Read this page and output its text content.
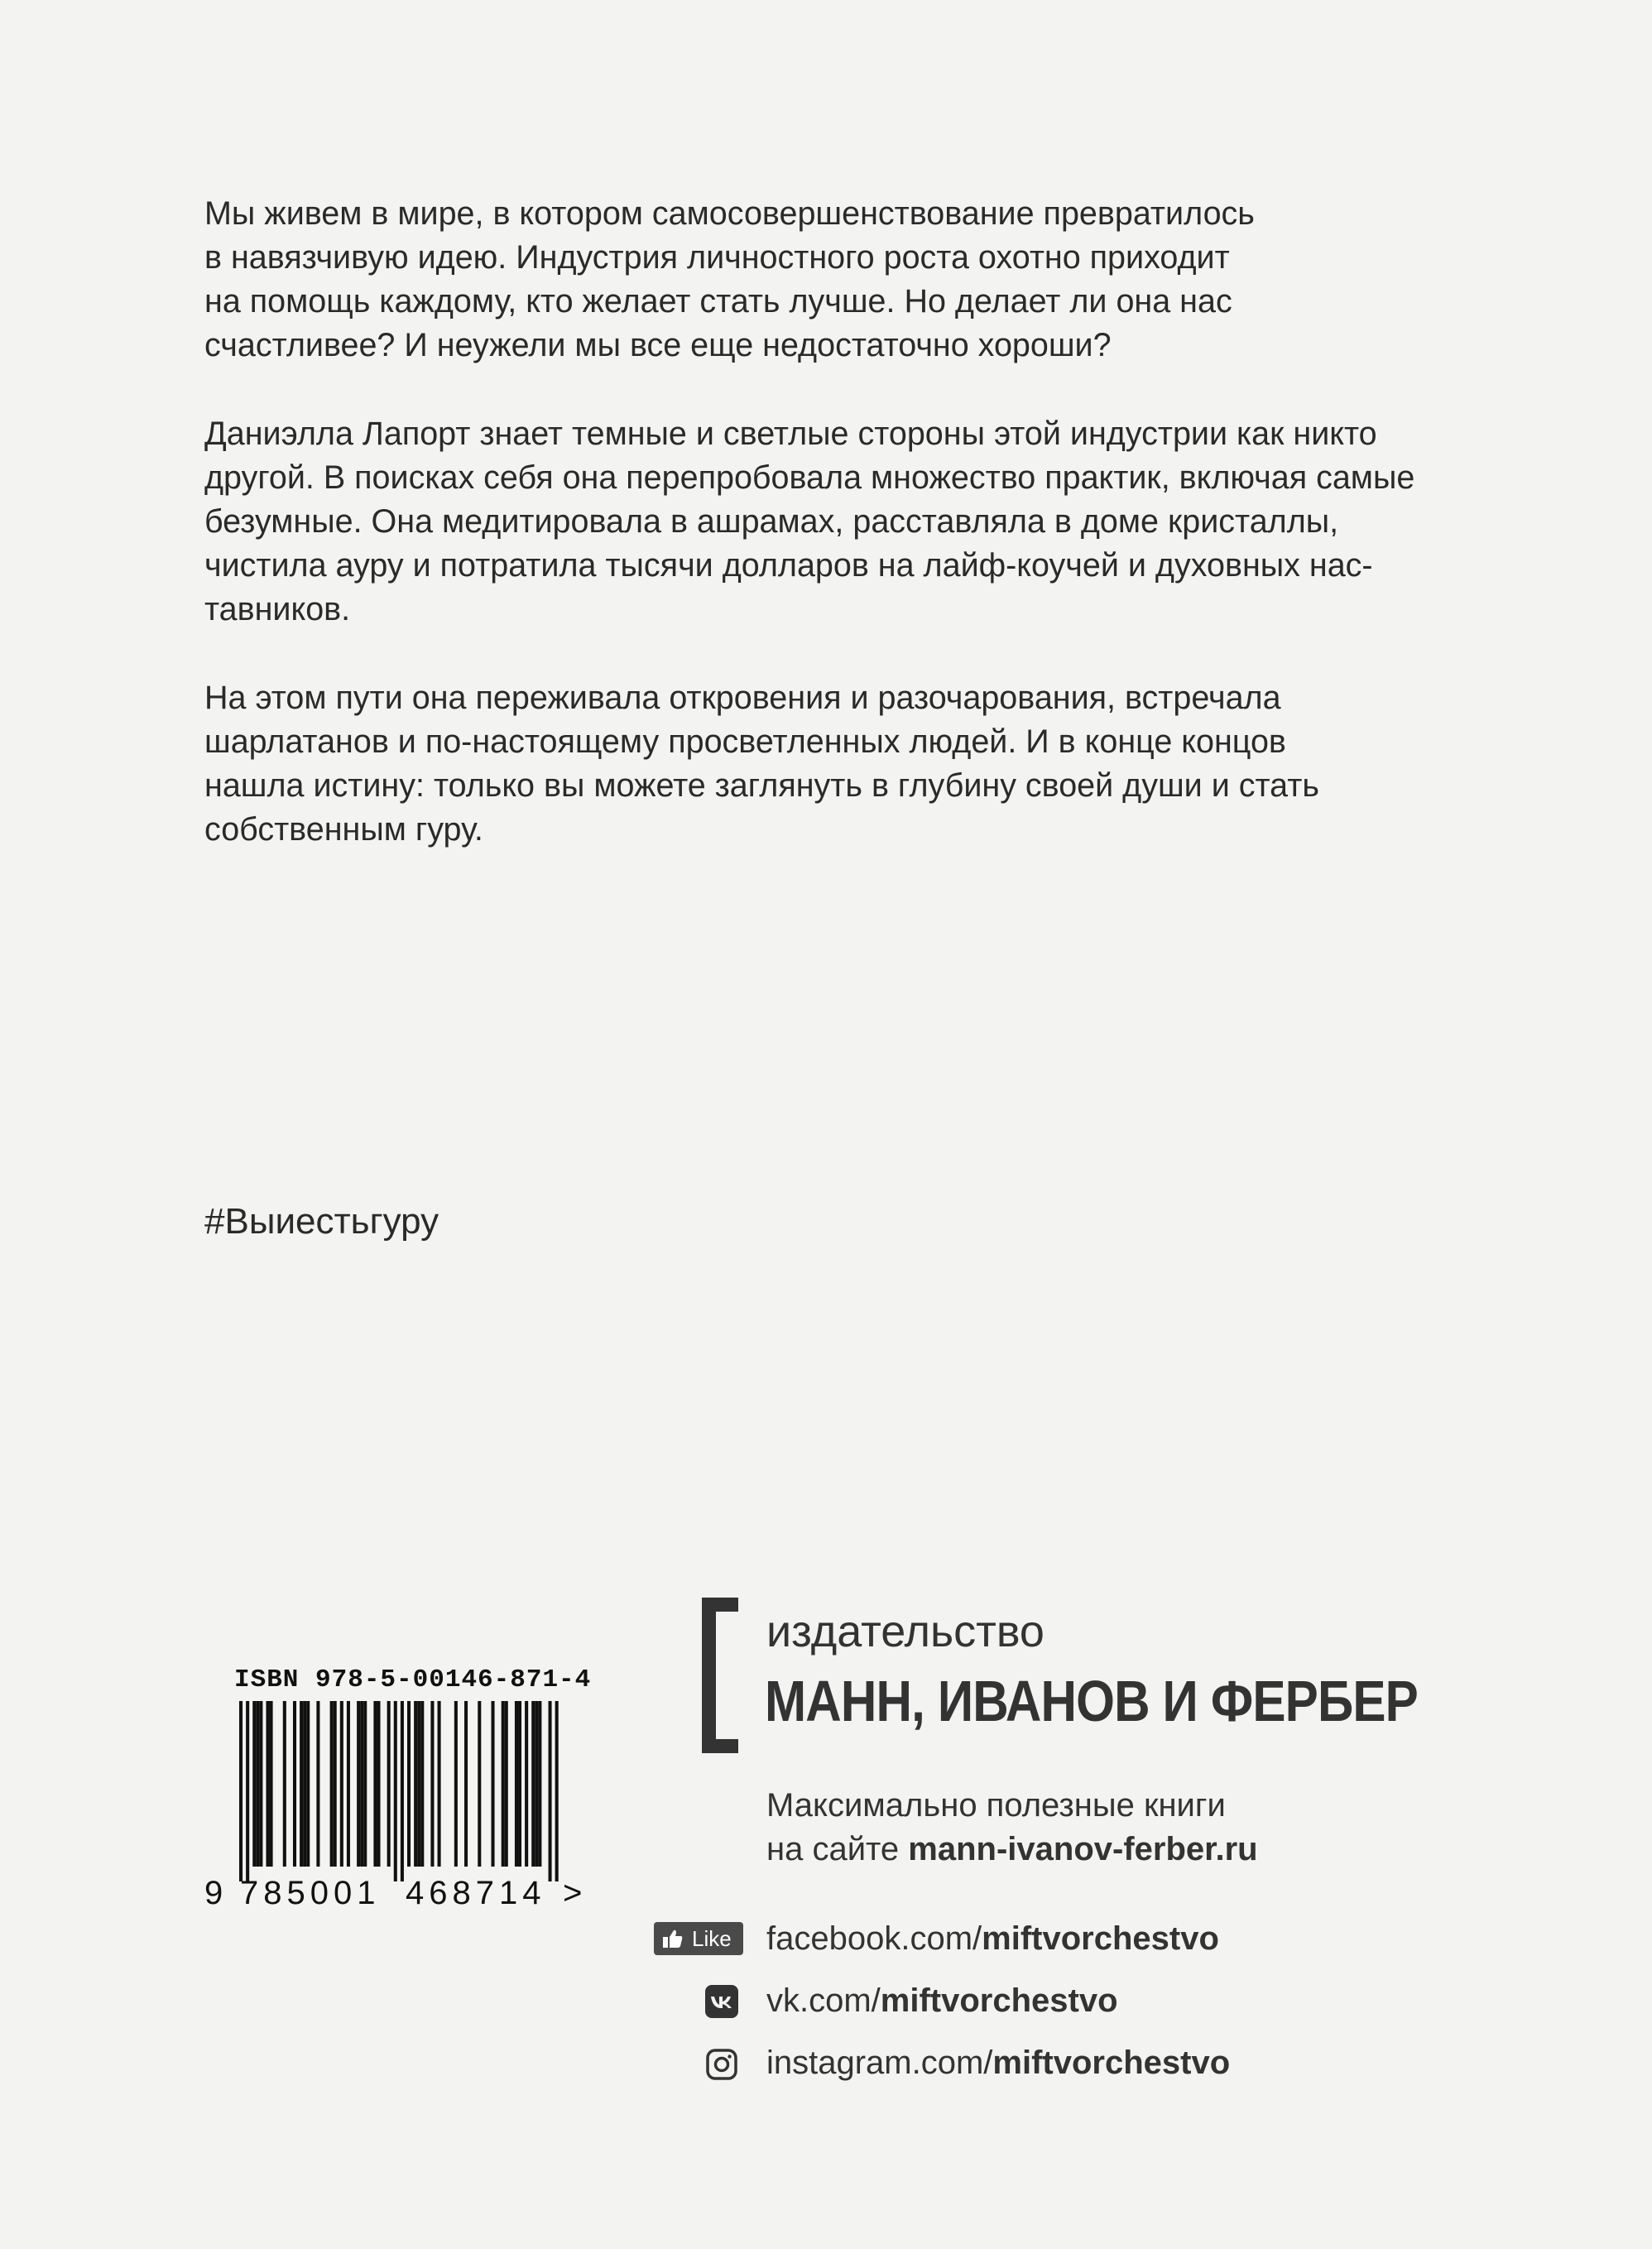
Мы живем в мире, в котором самосовершенствование превратилось
в навязчивую идею. Индустрия личностного роста охотно приходит
на помощь каждому, кто желает стать лучше. Но делает ли она нас
счастливее? И неужели мы все еще недостаточно хороши?

Даниэлла Лапорт знает темные и светлые стороны этой индустрии как никто
другой. В поисках себя она перепробовала множество практик, включая самые
безумные. Она медитировала в ашрамах, расставляла в доме кристаллы,
чистила ауру и потратила тысячи долларов на лайф-коучей и духовных нас-
тавников.

На этом пути она переживала откровения и разочарования, встречала
шарлатанов и по-настоящему просветленных людей. И в конце концов
нашла истину: только вы можете заглянуть в глубину своей души и стать
собственным гуру.

#Выиестьгуру
ISBN 978-5-00146-871-4
9 785001 468714 >
издательство
МАНН, ИВАНОВ И ФЕРБЕР
Максимально полезные книги
на сайте mann-ivanov-ferber.ru
Like facebook.com/miftvorchestvo
vk.com/miftvorchestvo
instagram.com/miftvorchestvo
